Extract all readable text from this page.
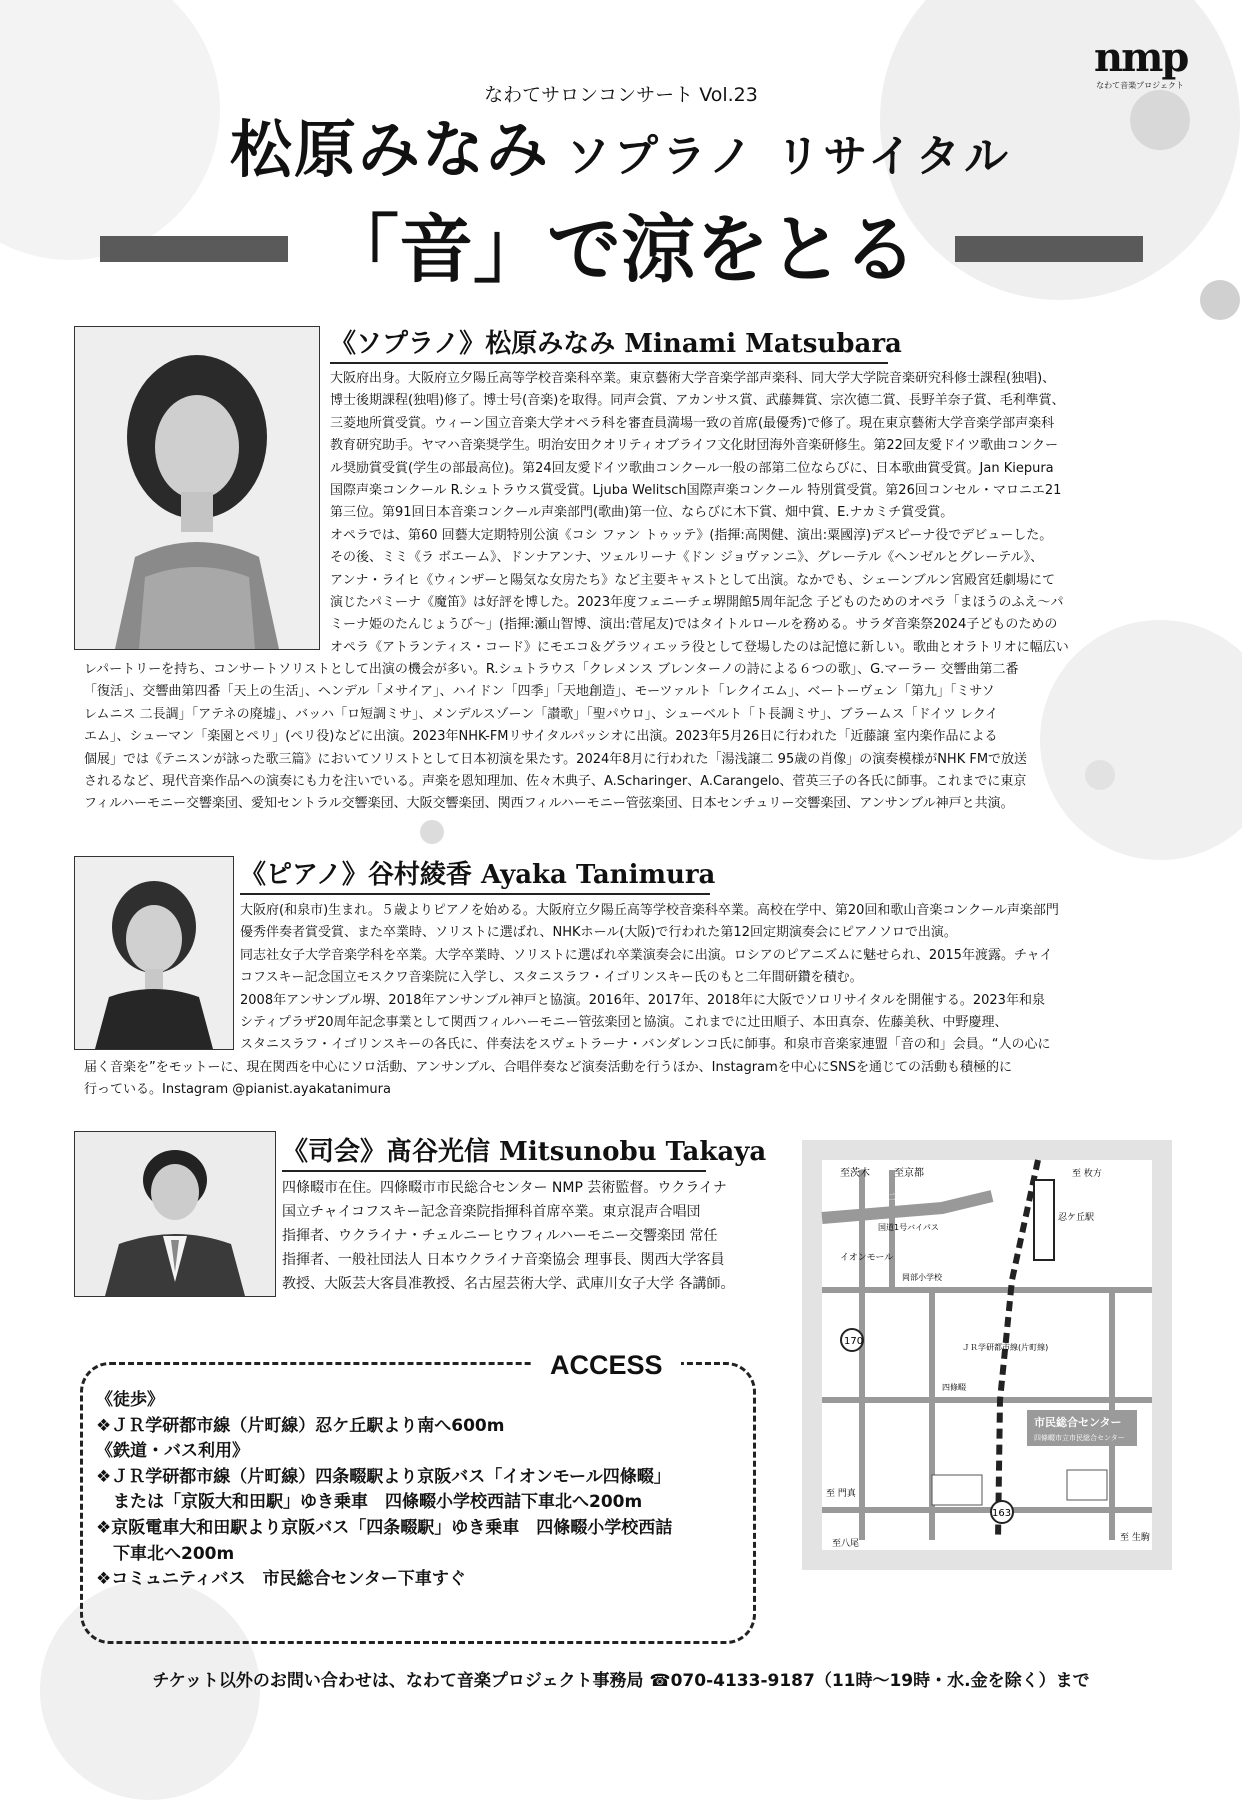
nmp
なわて音楽プロジェクト
なわてサロンコンサート Vol.23
松原みなみ ソプラノ リサイタル
「音」で涼をとる
《ソプラノ》松原みなみ Minami Matsubara

大阪府出身。大阪府立夕陽丘高等学校音楽科卒業。東京藝術大学音楽学部声楽科、同大学大学院音楽研究科修士課程(独唱)、

博士後期課程(独唱)修了。博士号(音楽)を取得。同声会賞、アカンサス賞、武藤舞賞、宗次德二賞、長野羊奈子賞、毛利準賞、

三菱地所賞受賞。ウィーン国立音楽大学オペラ科を審査員満場一致の首席(最優秀)で修了。現在東京藝術大学音楽学部声楽科

教育研究助手。ヤマハ音楽奨学生。明治安田クオリティオブライフ文化財団海外音楽研修生。第22回友愛ドイツ歌曲コンクー

ル奨励賞受賞(学生の部最高位)。第24回友愛ドイツ歌曲コンクール一般の部第二位ならびに、日本歌曲賞受賞。Jan Kiepura

国際声楽コンクール R.シュトラウス賞受賞。Ljuba Welitsch国際声楽コンクール 特別賞受賞。第26回コンセル・マロニエ21

第三位。第91回日本音楽コンクール声楽部門(歌曲)第一位、ならびに木下賞、畑中賞、E.ナカミチ賞受賞。

オペラでは、第60 回藝大定期特別公演《コシ ファン トゥッテ》(指揮:高関健、演出:粟國淳)デスピーナ役でデビューした。

その後、ミミ《ラ ボエーム》、ドンナアンナ、ツェルリーナ《ドン ジョヴァンニ》、グレーテル《ヘンゼルとグレーテル》、

アンナ・ライヒ《ウィンザーと陽気な女房たち》など主要キャストとして出演。なかでも、シェーンブルン宮殿宮廷劇場にて

演じたパミーナ《魔笛》は好評を博した。2023年度フェニーチェ堺開館5周年記念 子どものためのオペラ「まほうのふえ～パ

ミーナ姫のたんじょうび～」(指揮:瀬山智博、演出:菅尾友)ではタイトルロールを務める。サラダ音楽祭2024子どものための

オペラ《アトランティス・コード》にモエコ＆グラツィエッラ役として登場したのは記憶に新しい。歌曲とオラトリオに幅広い

レパートリーを持ち、コンサートソリストとして出演の機会が多い。R.シュトラウス「クレメンス ブレンターノの詩による６つの歌」、G.マーラー 交響曲第二番

「復活」、交響曲第四番「天上の生活」、ヘンデル「メサイア」、ハイドン「四季」「天地創造」、モーツァルト「レクイエム」、ベートーヴェン「第九」「ミサソ

レムニス 二長調」「アテネの廃墟」、バッハ「ロ短調ミサ」、メンデルスゾーン「讃歌」「聖パウロ」、シューベルト「ト長調ミサ」、ブラームス「ドイツ レクイ

エム」、シューマン「楽園とペリ」(ペリ役)などに出演。2023年NHK-FMリサイタルパッシオに出演。2023年5月26日に行われた「近藤譲 室内楽作品による

個展」では《テニスンが詠った歌三篇》においてソリストとして日本初演を果たす。2024年8月に行われた「湯浅譲二 95歳の肖像」の演奏模様がNHK FMで放送

されるなど、現代音楽作品への演奏にも力を注いでいる。声楽を恩知理加、佐々木典子、A.Scharinger、A.Carangelo、菅英三子の各氏に師事。これまでに東京

フィルハーモニー交響楽団、愛知セントラル交響楽団、大阪交響楽団、関西フィルハーモニー管弦楽団、日本センチュリー交響楽団、アンサンブル神戸と共演。

《ピアノ》谷村綾香 Ayaka Tanimura

大阪府(和泉市)生まれ。５歳よりピアノを始める。大阪府立夕陽丘高等学校音楽科卒業。高校在学中、第20回和歌山音楽コンクール声楽部門

優秀伴奏者賞受賞、また卒業時、ソリストに選ばれ、NHKホール(大阪)で行われた第12回定期演奏会にピアノソロで出演。

同志社女子大学音楽学科を卒業。大学卒業時、ソリストに選ばれ卒業演奏会に出演。ロシアのピアニズムに魅せられ、2015年渡露。チャイ

コフスキー記念国立モスクワ音楽院に入学し、スタニスラフ・イゴリンスキー氏のもと二年間研鑽を積む。

2008年アンサンブル堺、2018年アンサンブル神戸と協演。2016年、2017年、2018年に大阪でソロリサイタルを開催する。2023年和泉

シティプラザ20周年記念事業として関西フィルハーモニー管弦楽団と協演。これまでに辻田順子、本田真奈、佐藤美秋、中野慶理、

スタニスラフ・イゴリンスキーの各氏に、伴奏法をスヴェトラーナ・バンダレンコ氏に師事。和泉市音楽家連盟「音の和」会員。“人の心に

届く音楽を”をモットーに、現在関西を中心にソロ活動、アンサンブル、合唱伴奏など演奏活動を行うほか、Instagramを中心にSNSを通じての活動も積極的に

行っている。Instagram @pianist.ayakatanimura

《司会》髙谷光信 Mitsunobu Takaya

四條畷市在住。四條畷市市民総合センター NMP 芸術監督。ウクライナ

国立チャイコフスキー記念音楽院指揮科首席卒業。東京混声合唱団

指揮者、ウクライナ・チェルニーヒウフィルハーモニー交響楽団 常任

指揮者、一般社団法人 日本ウクライナ音楽協会 理事長、関西大学客員

教授、大阪芸大客員准教授、名古屋芸術大学、武庫川女子大学 各講師。

至茨木 至京都	至 枚方
第二京阪道路
国道1号バイパス
イオンモール
忍ケ丘駅
ＪＲ学研都市線(片町線)
岡部小学校
170
163
市民総合センター
四條畷市立市民総合センター
四條畷
至 門真
至八尾
至 生駒
ACCESS
《徒歩》
❖ＪＲ学研都市線（片町線）忍ケ丘駅より南へ600m
《鉄道・バス利用》
❖ＪＲ学研都市線（片町線）四条畷駅より京阪バス「イオンモール四條畷」
　または「京阪大和田駅」ゆき乗車　四條畷小学校西詰下車北へ200m
❖京阪電車大和田駅より京阪バス「四条畷駅」ゆき乗車　四條畷小学校西詰
　下車北へ200m
❖コミュニティバス　市民総合センター下車すぐ
チケット以外のお問い合わせは、なわて音楽プロジェクト事務局 ☎070-4133-9187（11時～19時・水.金を除く）まで
